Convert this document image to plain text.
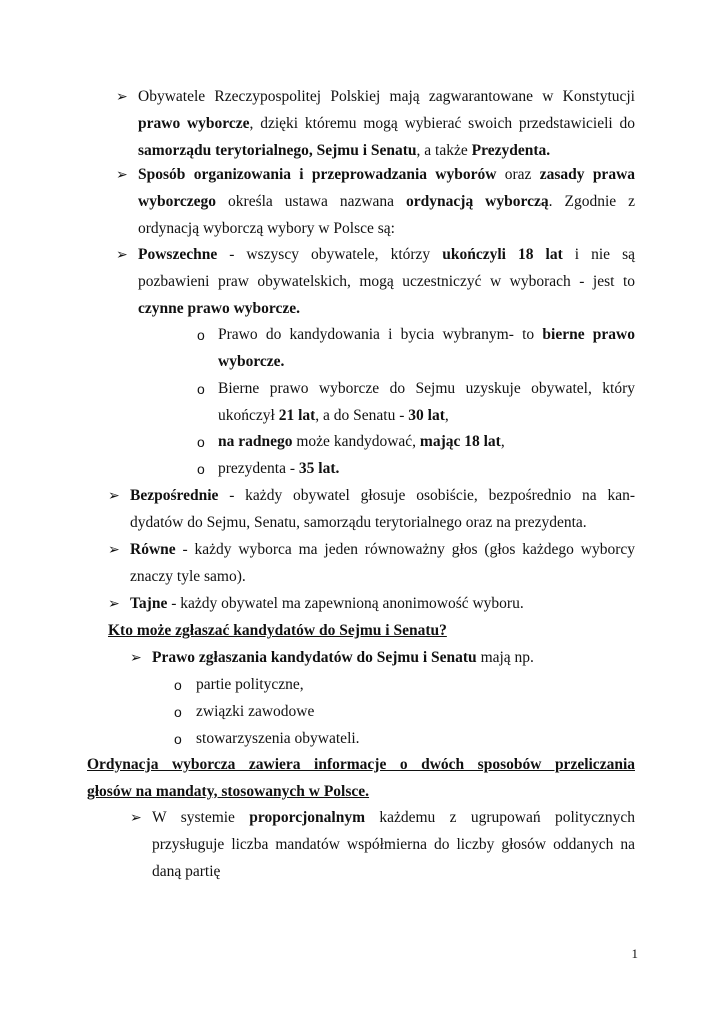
➢ Obywatele Rzeczypospolitej Polskiej mają zagwarantowane w Konstytucji
prawo wyborcze, dzięki któremu mogą wybierać swoich przedstawicieli do
samorządu terytorialnego, Sejmu i Senatu, a także Prezydenta.
➢ Sposób organizowania i przeprowadzania wyborów oraz zasady prawa
wyborczego określa ustawa nazwana ordynacją wyborczą. Zgodnie z
ordynacją wyborczą wybory w Polsce są:
➢ Powszechne - wszyscy obywatele, którzy ukończyli 18 lat i nie są
pozbawieni praw obywatelskich, mogą uczestniczyć w wyborach - jest to
czynne prawo wyborcze.
o Prawo do kandydowania i bycia wybranym- to bierne prawo
wyborcze.
o Bierne prawo wyborcze do Sejmu uzyskuje obywatel, który
ukończył 21 lat, a do Senatu - 30 lat,
o na radnego może kandydować, mając 18 lat,
o prezydenta - 35 lat.
➢ Bezpośrednie - każdy obywatel głosuje osobiście, bezpośrednio na kan-
dydatów do Sejmu, Senatu, samorządu terytorialnego oraz na prezydenta.
➢ Równe - każdy wyborca ma jeden równoważny głos (głos każdego wyborcy
znaczy tyle samo).
➢ Tajne - każdy obywatel ma zapewnioną anonimowość wyboru.
Kto może zgłaszać kandydatów do Sejmu i Senatu?
➢ Prawo zgłaszania kandydatów do Sejmu i Senatu mają np.
o partie polityczne,
o związki zawodowe
o stowarzyszenia obywateli.
Ordynacja wyborcza zawiera informacje o dwóch sposobów przeliczania
głosów na mandaty, stosowanych w Polsce.
➢ W systemie proporcjonalnym każdemu z ugrupowań politycznych
przysługuje liczba mandatów współmierna do liczby głosów oddanych na
daną partię
1
